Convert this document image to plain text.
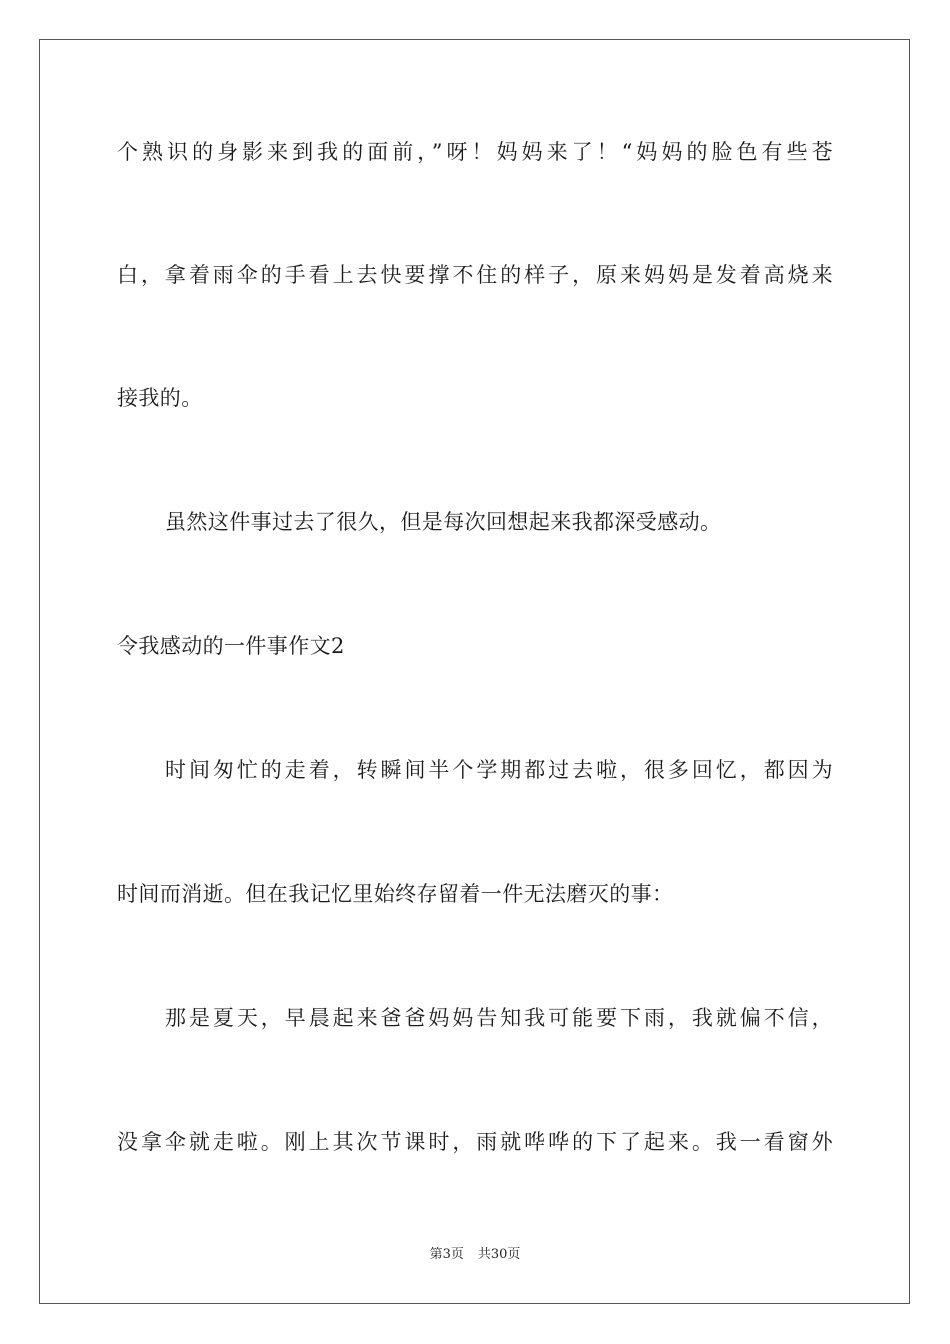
个熟识的身影来到我的面前，”呀！妈妈来了！“妈妈的脸色有些苍
白，拿着雨伞的手看上去快要撑不住的样子，原来妈妈是发着高烧来
接我的。
虽然这件事过去了很久，但是每次回想起来我都深受感动。
令我感动的一件事作文2
时间匆忙的走着，转瞬间半个学期都过去啦，很多回忆，都因为
时间而消逝。但在我记忆里始终存留着一件无法磨灭的事：
那是夏天，早晨起来爸爸妈妈告知我可能要下雨，我就偏不信，
没拿伞就走啦。刚上其次节课时，雨就哗哗的下了起来。我一看窗外
第3页 共30页
